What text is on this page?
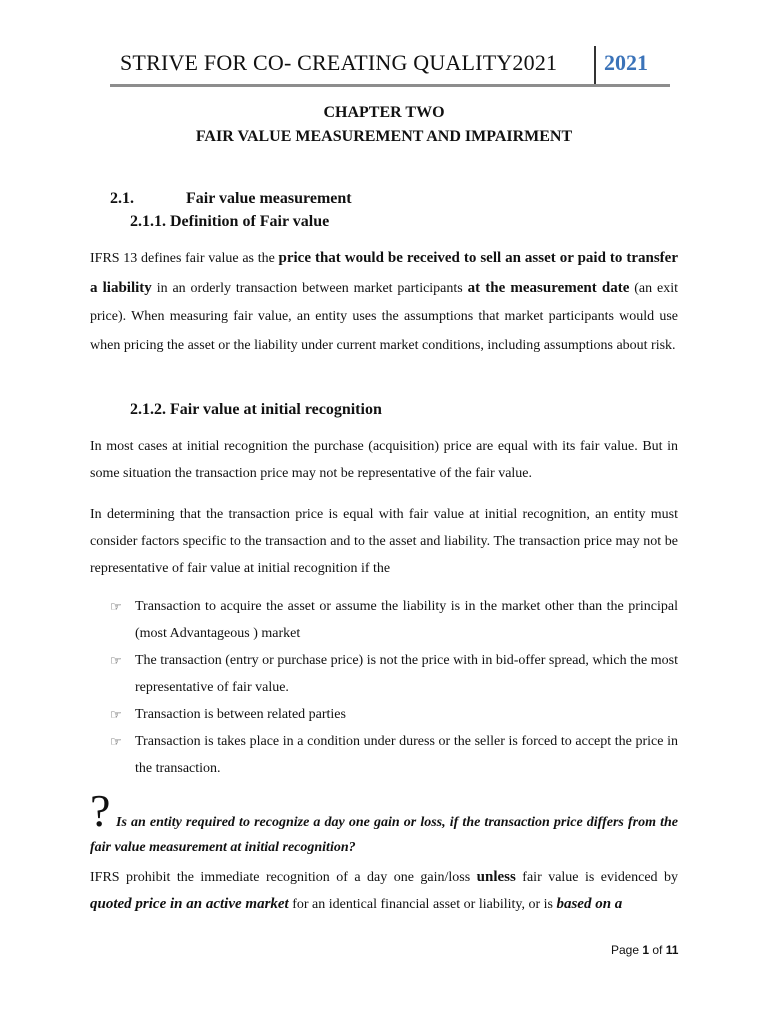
STRIVE FOR CO- CREATING QUALITY2021 2021
CHAPTER TWO
FAIR VALUE MEASUREMENT AND IMPAIRMENT
2.1.	Fair value measurement
2.1.1. Definition of Fair value

IFRS 13 defines fair value as the price that would be received to sell an asset or paid to transfer a liability in an orderly transaction between market participants at the measurement date (an exit price). When measuring fair value, an entity uses the assumptions that market participants would use when pricing the asset or the liability under current market conditions, including assumptions about risk.

2.1.2. Fair value at initial recognition

In most cases at initial recognition the purchase (acquisition) price are equal with its fair value. But in some situation the transaction price may not be representative of the fair value.

In determining that the transaction price is equal with fair value at initial recognition, an entity must consider factors specific to the transaction and to the asset and liability. The transaction price may not be representative of fair value at initial recognition if the

☞ Transaction to acquire the asset or assume the liability is in the market other than the principal (most Advantageous ) market
☞ The transaction (entry or purchase price) is not the price with in bid-offer spread, which the most representative of fair value.
☞ Transaction is between related parties
☞ Transaction is takes place in a condition under duress or the seller is forced to accept the price in the transaction.
? Is an entity required to recognize a day one gain or loss, if the transaction price differs from the fair value measurement at initial recognition?

IFRS prohibit the immediate recognition of a day one gain/loss unless fair value is evidenced by quoted price in an active market for an identical financial asset or liability, or is based on a

Page 1 of 11
